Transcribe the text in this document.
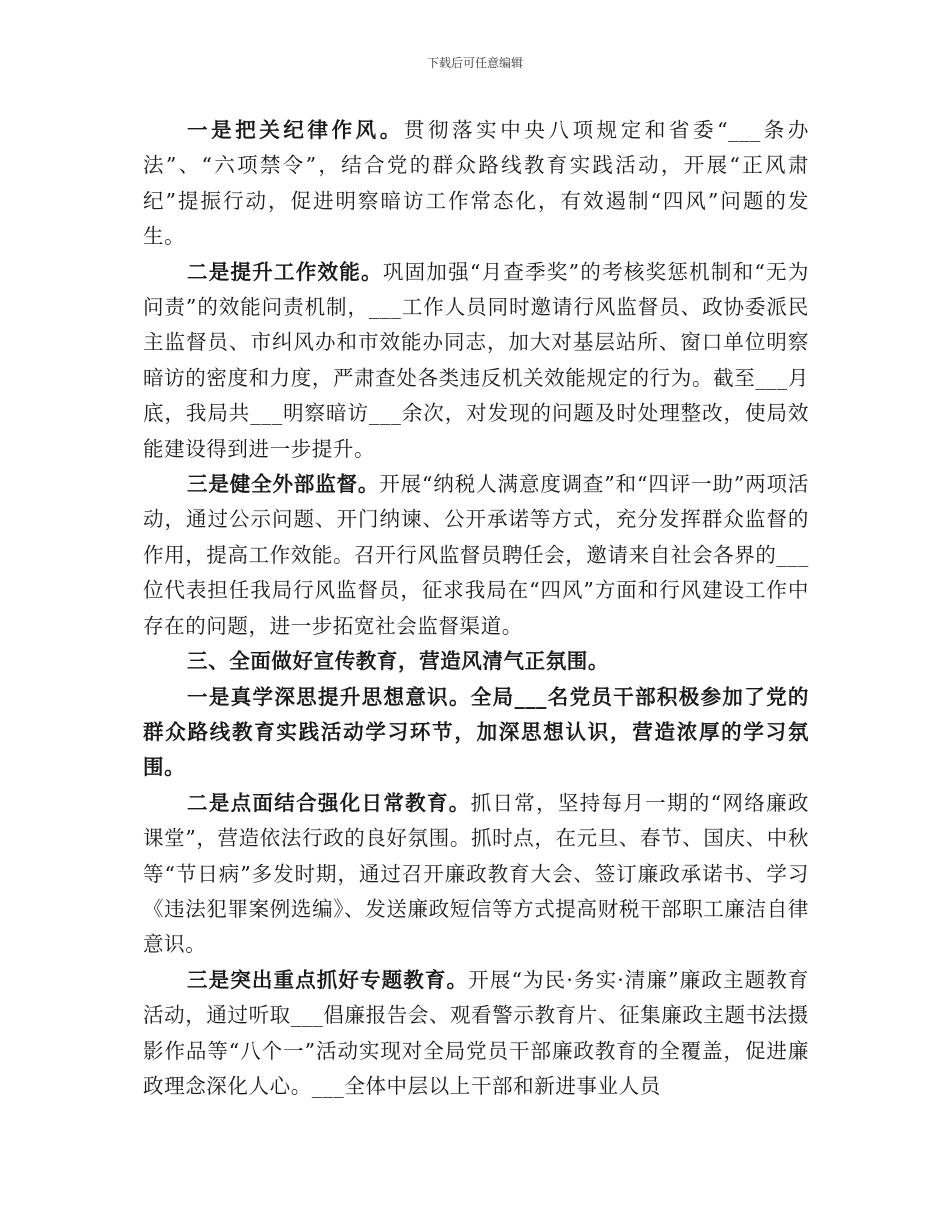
下载后可任意编辑

一是把关纪律作风。贯彻落实中央八项规定和省委“___条办法”、“六项禁令”，结合党的群众路线教育实践活动，开展“正风肃纪”提振行动，促进明察暗访工作常态化，有效遏制“四风”问题的发生。

二是提升工作效能。巩固加强“月查季奖”的考核奖惩机制和“无为问责”的效能问责机制，___工作人员同时邀请行风监督员、政协委派民主监督员、市纠风办和市效能办同志，加大对基层站所、窗口单位明察暗访的密度和力度，严肃查处各类违反机关效能规定的行为。截至___月底，我局共___明察暗访___余次，对发现的问题及时处理整改，使局效能建设得到进一步提升。

三是健全外部监督。开展“纳税人满意度调查”和“四评一助”两项活动，通过公示问题、开门纳谏、公开承诺等方式，充分发挥群众监督的作用，提高工作效能。召开行风监督员聘任会，邀请来自社会各界的___位代表担任我局行风监督员，征求我局在“四风”方面和行风建设工作中存在的问题，进一步拓宽社会监督渠道。

三、全面做好宣传教育，营造风清气正氛围。

一是真学深思提升思想意识。全局___名党员干部积极参加了党的群众路线教育实践活动学习环节，加深思想认识，营造浓厚的学习氛围。

二是点面结合强化日常教育。抓日常，坚持每月一期的“网络廉政课堂”，营造依法行政的良好氛围。抓时点，在元旦、春节、国庆、中秋等“节日病”多发时期，通过召开廉政教育大会、签订廉政承诺书、学习《违法犯罪案例选编》、发送廉政短信等方式提高财税干部职工廉洁自律意识。

三是突出重点抓好专题教育。开展“为民·务实·清廉”廉政主题教育活动，通过听取___倡廉报告会、观看警示教育片、征集廉政主题书法摄影作品等“八个一”活动实现对全局党员干部廉政教育的全覆盖，促进廉政理念深化人心。___全体中层以上干部和新进事业人员
